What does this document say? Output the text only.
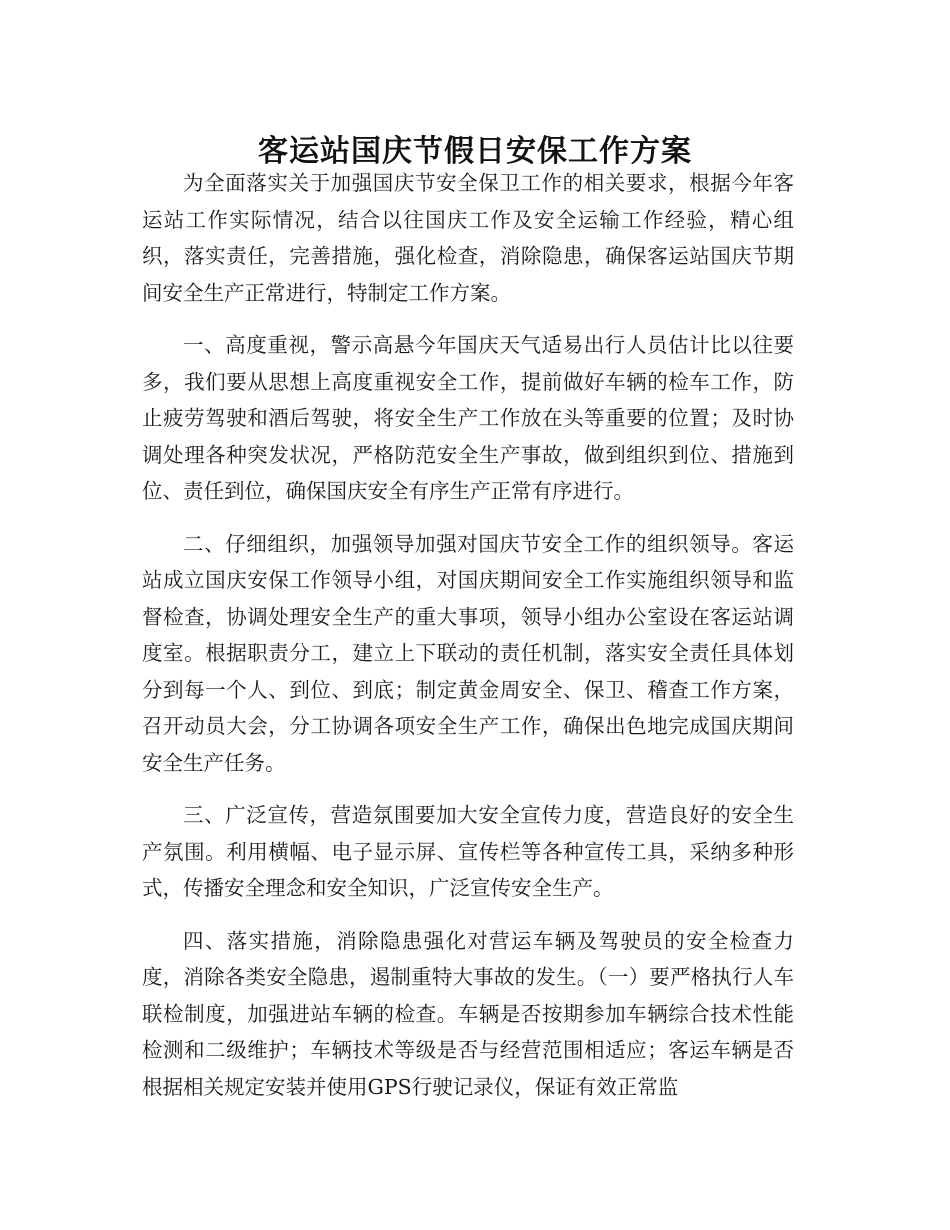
客运站国庆节假日安保工作方案

为全面落实关于加强国庆节安全保卫工作的相关要求，根据今年客运站工作实际情况，结合以往国庆工作及安全运输工作经验，精心组织，落实责任，完善措施，强化检查，消除隐患，确保客运站国庆节期间安全生产正常进行，特制定工作方案。

一、高度重视，警示高悬今年国庆天气适易出行人员估计比以往要多，我们要从思想上高度重视安全工作，提前做好车辆的检车工作，防止疲劳驾驶和酒后驾驶，将安全生产工作放在头等重要的位置；及时协调处理各种突发状况，严格防范安全生产事故，做到组织到位、措施到位、责任到位，确保国庆安全有序生产正常有序进行。

二、仔细组织，加强领导加强对国庆节安全工作的组织领导。客运站成立国庆安保工作领导小组，对国庆期间安全工作实施组织领导和监督检查，协调处理安全生产的重大事项，领导小组办公室设在客运站调度室。根据职责分工，建立上下联动的责任机制，落实安全责任具体划分到每一个人、到位、到底；制定黄金周安全、保卫、稽查工作方案，召开动员大会，分工协调各项安全生产工作，确保出色地完成国庆期间安全生产任务。

三、广泛宣传，营造氛围要加大安全宣传力度，营造良好的安全生产氛围。利用横幅、电子显示屏、宣传栏等各种宣传工具，采纳多种形式，传播安全理念和安全知识，广泛宣传安全生产。

四、落实措施，消除隐患强化对营运车辆及驾驶员的安全检查力度，消除各类安全隐患，遏制重特大事故的发生。（一）要严格执行人车联检制度，加强进站车辆的检查。车辆是否按期参加车辆综合技术性能检测和二级维护；车辆技术等级是否与经营范围相适应；客运车辆是否根据相关规定安装并使用GPS行驶记录仪，保证有效正常监
